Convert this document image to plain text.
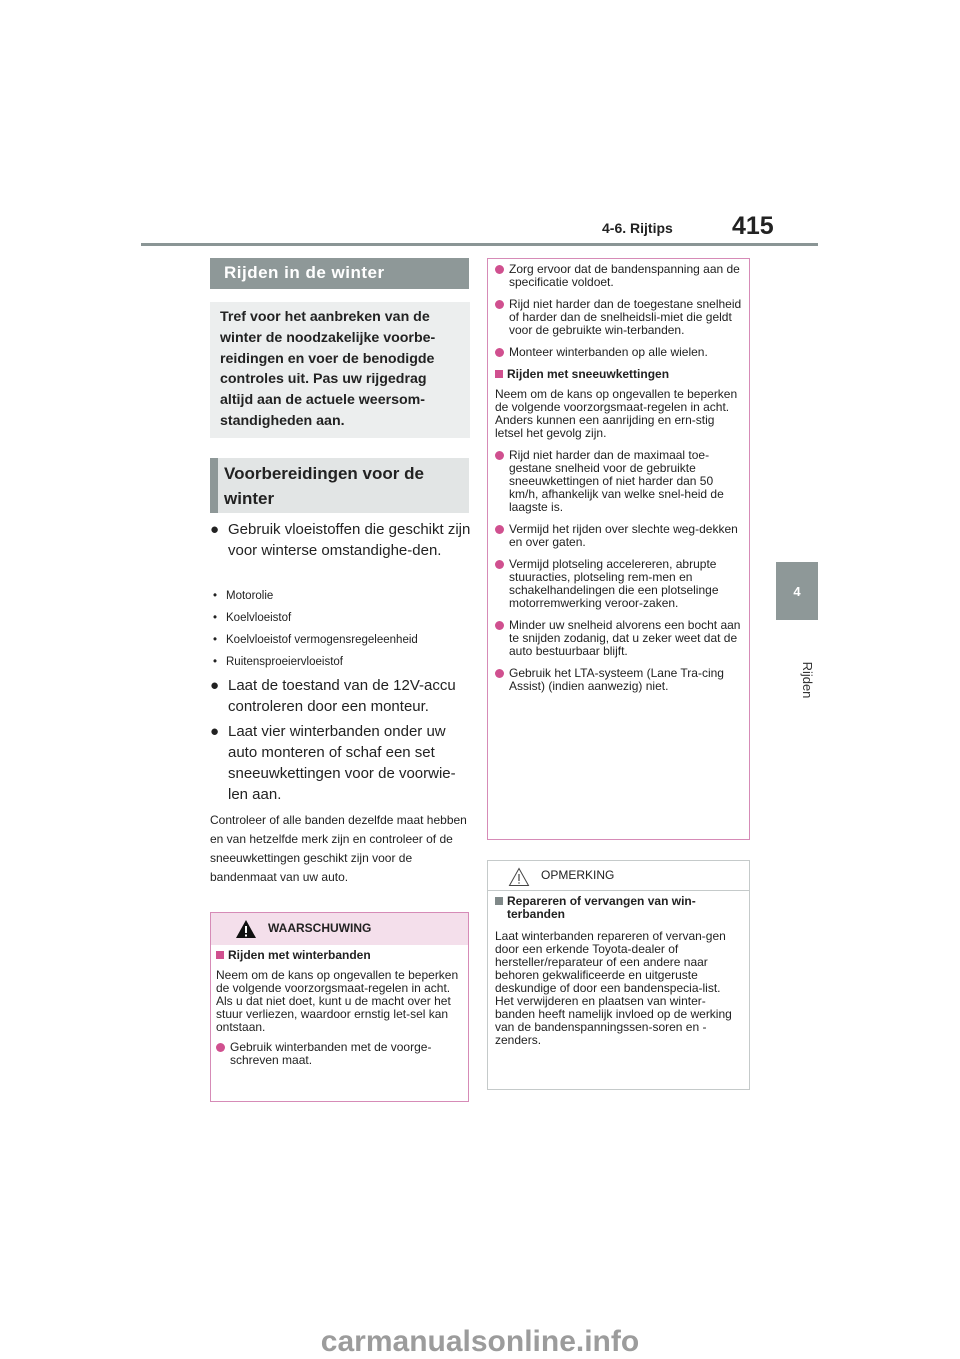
4-6. Rijtips 415
4
Rijden
Rijden in de winter
Tref voor het aanbreken van de winter de noodzakelijke voorbe-reidingen en voer de benodigde controles uit. Pas uw rijgedrag altijd aan de actuele weersom-standigheden aan.
Voorbereidingen voor de winter
● Gebruik vloeistoffen die geschikt zijn voor winterse omstandighe-den.
• Motorolie
• Koelvloeistof
• Koelvloeistof vermogensregeleenheid
• Ruitensproeiervloeistof
● Laat de toestand van de 12V-accu controleren door een monteur.
● Laat vier winterbanden onder uw auto monteren of schaf een set sneeuwkettingen voor de voorwie-len aan.
Controleer of alle banden dezelfde maat hebben en van hetzelfde merk zijn en controleer of de sneeuwkettingen geschikt zijn voor de bandenmaat van uw auto.
WAARSCHUWING
Rijden met winterbanden
Neem om de kans op ongevallen te beperken de volgende voorzorgsmaat-regelen in acht.
Als u dat niet doet, kunt u de macht over het stuur verliezen, waardoor ernstig let-sel kan ontstaan.
Gebruik winterbanden met de voorge-schreven maat.
Zorg ervoor dat de bandenspanning aan de specificatie voldoet.
Rijd niet harder dan de toegestane snelheid of harder dan de snelheidsli-miet die geldt voor de gebruikte win-terbanden.
Monteer winterbanden op alle wielen.
Rijden met sneeuwkettingen
Neem om de kans op ongevallen te beperken de volgende voorzorgsmaat-regelen in acht.
Anders kunnen een aanrijding en ern-stig letsel het gevolg zijn.
Rijd niet harder dan de maximaal toe-gestane snelheid voor de gebruikte sneeuwkettingen of niet harder dan 50 km/h, afhankelijk van welke snel-heid de laagste is.
Vermijd het rijden over slechte weg-dekken en over gaten.
Vermijd plotseling accelereren, abrupte stuuracties, plotseling rem-men en schakelhandelingen die een plotselinge motorremwerking veroor-zaken.
Minder uw snelheid alvorens een bocht aan te snijden zodanig, dat u zeker weet dat de auto bestuurbaar blijft.
Gebruik het LTA-systeem (Lane Tra-cing Assist) (indien aanwezig) niet.
OPMERKING
Repareren of vervangen van win-terbanden
Laat winterbanden repareren of vervan-gen door een erkende Toyota-dealer of hersteller/reparateur of een andere naar behoren gekwalificeerde en uitgeruste deskundige of door een bandenspecia-list.
Het verwijderen en plaatsen van winter-banden heeft namelijk invloed op de werking van de bandenspanningssen-soren en -zenders.
carmanualsonline.info
